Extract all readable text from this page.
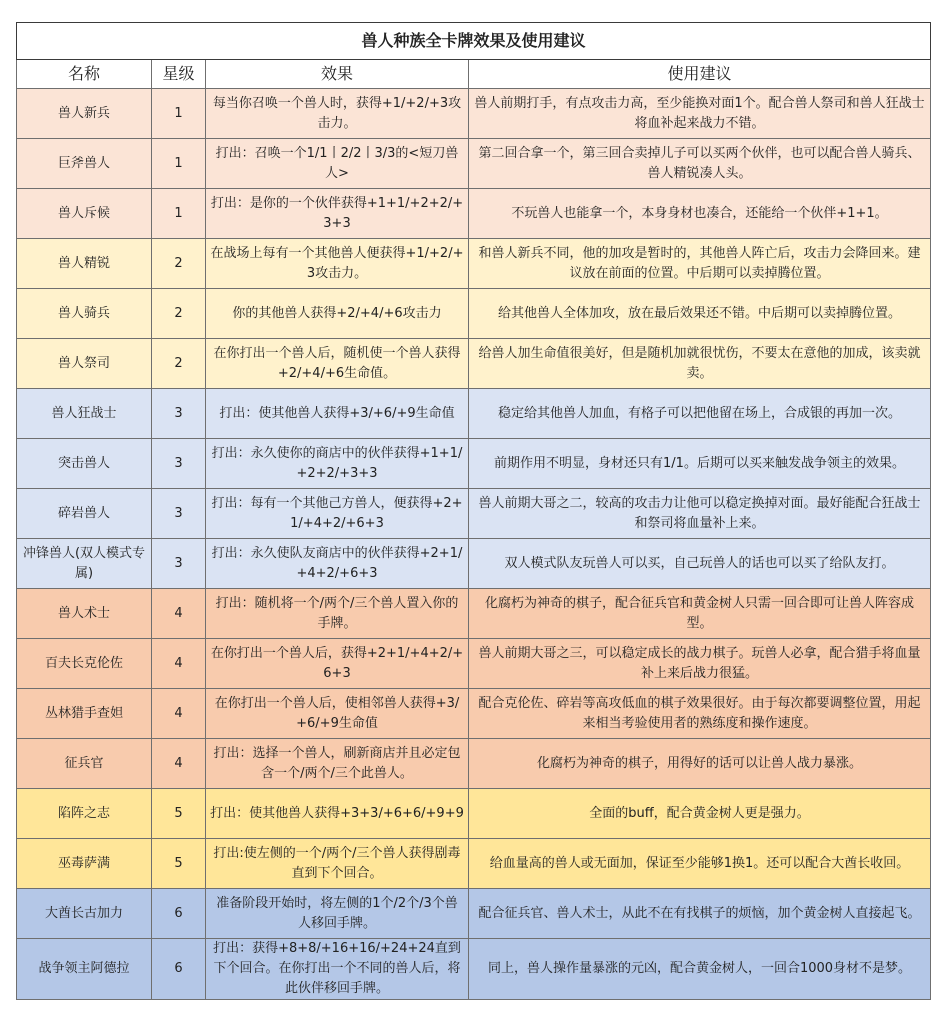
兽人种族全卡牌效果及使用建议			
名称	星级	效果	使用建议
兽人新兵	1	每当你召唤一个兽人时，获得+1/+2/+3攻击力。	兽人前期打手，有点攻击力高，至少能换对面1个。配合兽人祭司和兽人狂战士将血补起来战力不错。
巨斧兽人	1	打出：召唤一个1/1丨2/2丨3/3的<短刀兽人>	第二回合拿一个，第三回合卖掉儿子可以买两个伙伴，也可以配合兽人骑兵、兽人精锐凑人头。
兽人斥候	1	打出：是你的一个伙伴获得+1+1/+2+2/+3+3	不玩兽人也能拿一个，本身身材也凑合，还能给一个伙伴+1+1。
兽人精锐	2	在战场上每有一个其他兽人便获得+1/+2/+3攻击力。	和兽人新兵不同，他的加攻是暂时的，其他兽人阵亡后，攻击力会降回来。建议放在前面的位置。中后期可以卖掉腾位置。
兽人骑兵	2	你的其他兽人获得+2/+4/+6攻击力	给其他兽人全体加攻，放在最后效果还不错。中后期可以卖掉腾位置。
兽人祭司	2	在你打出一个兽人后，随机使一个兽人获得+2/+4/+6生命值。	给兽人加生命值很美好，但是随机加就很忧伤，不要太在意他的加成，该卖就卖。
兽人狂战士	3	打出：使其他兽人获得+3/+6/+9生命值	稳定给其他兽人加血，有格子可以把他留在场上，合成银的再加一次。
突击兽人	3	打出：永久使你的商店中的伙伴获得+1+1/+2+2/+3+3	前期作用不明显，身材还只有1/1。后期可以买来触发战争领主的效果。
碎岩兽人	3	打出：每有一个其他己方兽人，便获得+2+1/+4+2/+6+3	兽人前期大哥之二，较高的攻击力让他可以稳定换掉对面。最好能配合狂战士和祭司将血量补上来。
冲锋兽人(双人模式专属)	3	打出：永久使队友商店中的伙伴获得+2+1/+4+2/+6+3	双人模式队友玩兽人可以买，自己玩兽人的话也可以买了给队友打。
兽人术士	4	打出：随机将一个/两个/三个兽人置入你的手牌。	化腐朽为神奇的棋子，配合征兵官和黄金树人只需一回合即可让兽人阵容成型。
百夫长克伦佐	4	在你打出一个兽人后，获得+2+1/+4+2/+6+3	兽人前期大哥之三，可以稳定成长的战力棋子。玩兽人必拿，配合猎手将血量补上来后战力很猛。
丛林猎手查妲	4	在你打出一个兽人后，使相邻兽人获得+3/+6/+9生命值	配合克伦佐、碎岩等高攻低血的棋子效果很好。由于每次都要调整位置，用起来相当考验使用者的熟练度和操作速度。
征兵官	4	打出：选择一个兽人，刷新商店并且必定包含一个/两个/三个此兽人。	化腐朽为神奇的棋子，用得好的话可以让兽人战力暴涨。
陷阵之志	5	打出：使其他兽人获得+3+3/+6+6/+9+9	全面的buff，配合黄金树人更是强力。
巫毒萨满	5	打出:使左侧的一个/两个/三个兽人获得剧毒直到下个回合。	给血量高的兽人或无面加，保证至少能够1换1。还可以配合大酋长收回。
大酋长古加力	6	准备阶段开始时，将左侧的1个/2个/3个兽人移回手牌。	配合征兵官、兽人术士，从此不在有找棋子的烦恼，加个黄金树人直接起飞。
战争领主阿德拉	6	打出：获得+8+8/+16+16/+24+24直到下个回合。在你打出一个不同的兽人后，将此伙伴移回手牌。	同上，兽人操作量暴涨的元凶，配合黄金树人，一回合1000身材不是梦。
